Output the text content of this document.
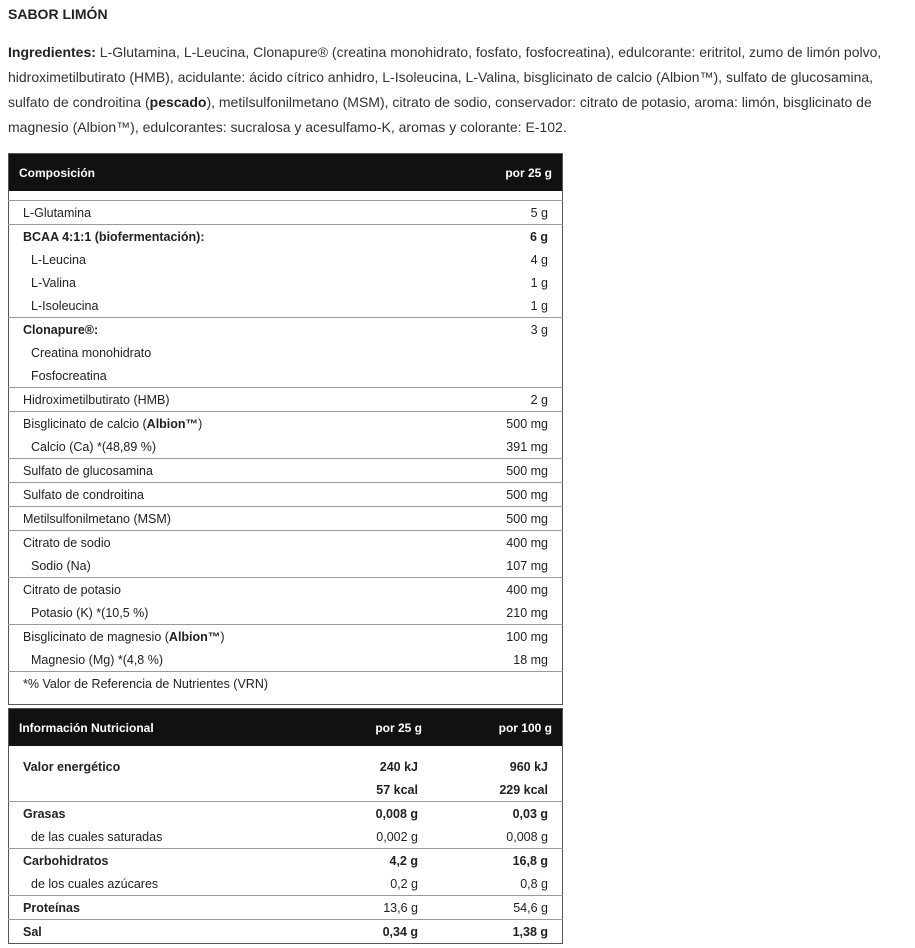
SABOR LIMÓN
Ingredientes: L-Glutamina, L-Leucina, Clonapure® (creatina monohidrato, fosfato, fosfocreatina), edulcorante: eritritol, zumo de limón polvo, hidroximetilbutirato (HMB), acidulante: ácido cítrico anhidro, L-Isoleucina, L-Valina, bisglicinato de calcio (Albion™), sulfato de glucosamina, sulfato de condroitina (pescado), metilsulfonilmetano (MSM), citrato de sodio, conservador: citrato de potasio, aroma: limón, bisglicinato de magnesio (Albion™), edulcorantes: sucralosa y acesulfamo-K, aromas y colorante: E-102.
Composición	por 25 g

L-Glutamina	5 g
BCAA 4:1:1 (biofermentación):	6 g
L-Leucina	4 g
L-Valina	1 g
L-Isoleucina	1 g
Clonapure®:	3 g
Creatina monohidrato	
Fosfocreatina	
Hidroximetilbutirato (HMB)	2 g
Bisglicinato de calcio (Albion™)	500 mg
Calcio (Ca) *(48,89 %)	391 mg
Sulfato de glucosamina	500 mg
Sulfato de condroitina	500 mg
Metilsulfonilmetano (MSM)	500 mg
Citrato de sodio	400 mg
Sodio (Na)	107 mg
Citrato de potasio	400 mg
Potasio (K) *(10,5 %)	210 mg
Bisglicinato de magnesio (Albion™)	100 mg
Magnesio (Mg) *(4,8 %)	18 mg
*% Valor de Referencia de Nutrientes (VRN)	

Información Nutricional	por 25 g	por 100 g

Valor energético	240 kJ	960 kJ
	57 kcal	229 kcal
Grasas	0,008 g	0,03 g
de las cuales saturadas	0,002 g	0,008 g
Carbohidratos	4,2 g	16,8 g
de los cuales azúcares	0,2 g	0,8 g
Proteínas	13,6 g	54,6 g
Sal	0,34 g	1,38 g
